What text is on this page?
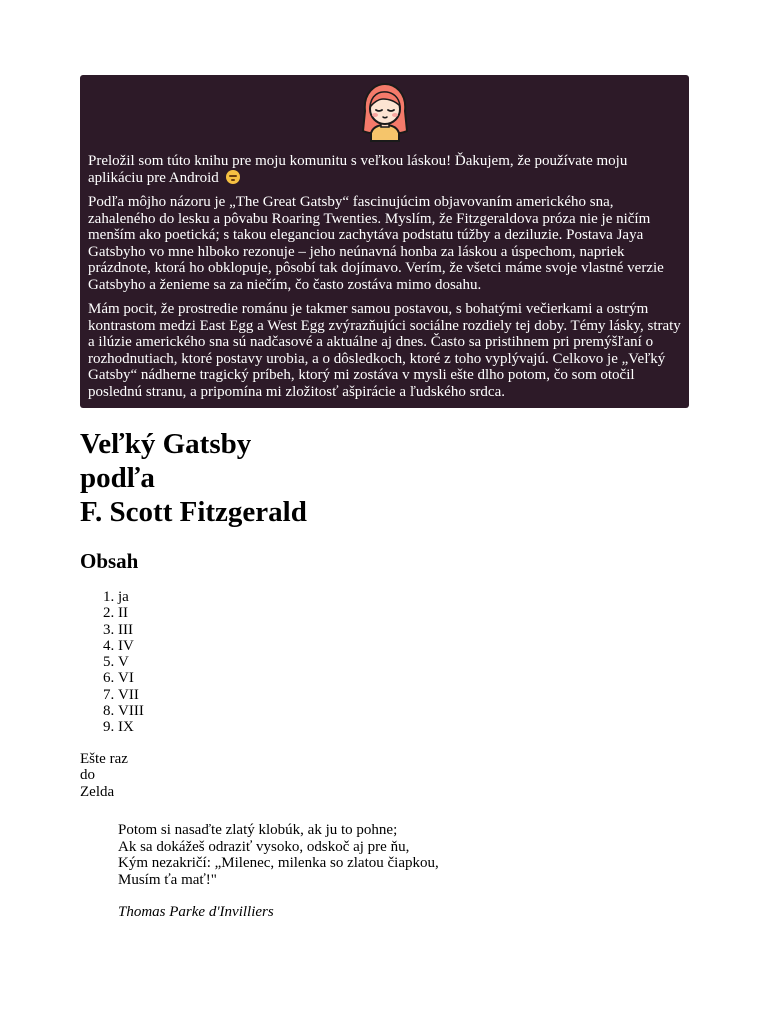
Preložil som túto knihu pre moju komunitu s veľkou láskou! Ďakujem, že používate moju aplikáciu pre Android

Podľa môjho názoru je „The Great Gatsby“ fascinujúcim objavovaním amerického sna, zahaleného do lesku a pôvabu Roaring Twenties. Myslím, že Fitzgeraldova próza nie je ničím menším ako poetická; s takou eleganciou zachytáva podstatu túžby a deziluzie. Postava Jaya Gatsbyho vo mne hlboko rezonuje – jeho neúnavná honba za láskou a úspechom, napriek prázdnote, ktorá ho obklopuje, pôsobí tak dojímavo. Verím, že všetci máme svoje vlastné verzie Gatsbyho a ženieme sa za niečím, čo často zostáva mimo dosahu.

Mám pocit, že prostredie románu je takmer samou postavou, s bohatými večierkami a ostrým kontrastom medzi East Egg a West Egg zvýrazňujúci sociálne rozdiely tej doby. Témy lásky, straty a ilúzie amerického sna sú nadčasové a aktuálne aj dnes. Často sa pristihnem pri premýšľaní o rozhodnutiach, ktoré postavy urobia, a o dôsledkoch, ktoré z toho vyplývajú. Celkovo je „Veľký Gatsby“ nádherne tragický príbeh, ktorý mi zostáva v mysli ešte dlho potom, čo som otočil poslednú stranu, a pripomína mi zložitosť ašpirácie a ľudského srdca.

Veľký Gatsby
podľa
F. Scott Fitzgerald
Obsah
1. ja
2. II
3. III
4. IV
5. V
6. VI
7. VII
8. VIII
9. IX
Ešte raz
do
Zelda
Potom si nasaďte zlatý klobúk, ak ju to pohne;
Ak sa dokážeš odraziť vysoko, odskoč aj pre ňu,
Kým nezakričí: „Milenec, milenka so zlatou čiapkou,
Musím ťa mať!"
Thomas Parke d'Invilliers
